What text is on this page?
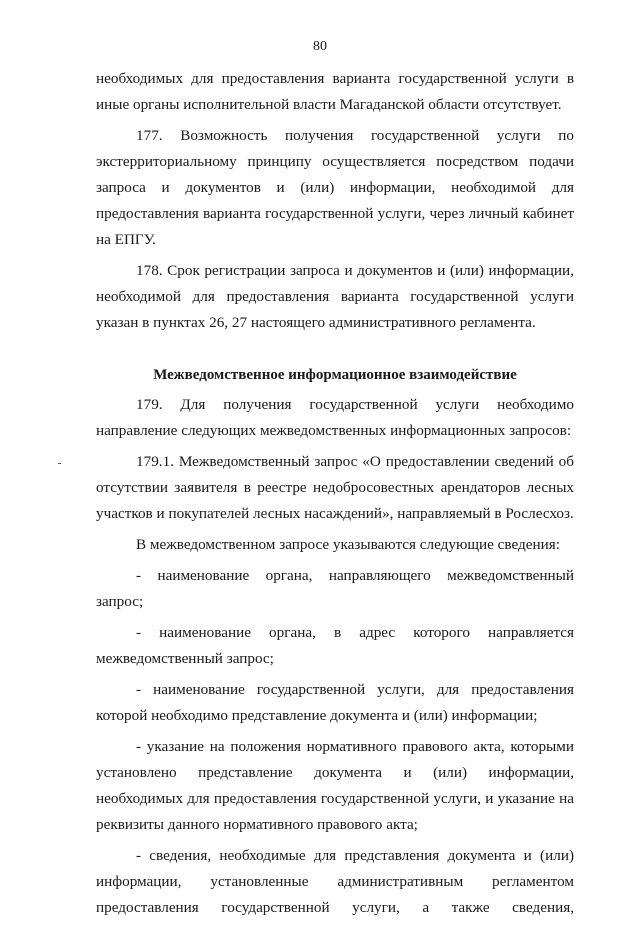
80

необходимых для предоставления варианта государственной услуги в иные органы исполнительной власти Магаданской области отсутствует.

177. Возможность получения государственной услуги по экстерриториальному принципу осуществляется посредством подачи запроса и документов и (или) информации, необходимой для предоставления варианта государственной услуги, через личный кабинет на ЕПГУ.

178. Срок регистрации запроса и документов и (или) информации, необходимой для предоставления варианта государственной услуги указан в пунктах 26, 27 настоящего административного регламента.

Межведомственное информационное взаимодействие

179. Для получения государственной услуги необходимо направление следующих межведомственных информационных запросов:

179.1. Межведомственный запрос «О предоставлении сведений об отсутствии заявителя в реестре недобросовестных арендаторов лесных участков и покупателей лесных насаждений», направляемый в Рослесхоз.

В межведомственном запросе указываются следующие сведения:

- наименование органа, направляющего межведомственный запрос;

- наименование органа, в адрес которого направляется межведомственный запрос;

- наименование государственной услуги, для предоставления которой необходимо представление документа и (или) информации;

- указание на положения нормативного правового акта, которыми установлено представление документа и (или) информации, необходимых для предоставления государственной услуги, и указание на реквизиты данного нормативного правового акта;

- сведения, необходимые для представления документа и (или) информации, установленные административным регламентом предоставления государственной услуги, а также сведения,
